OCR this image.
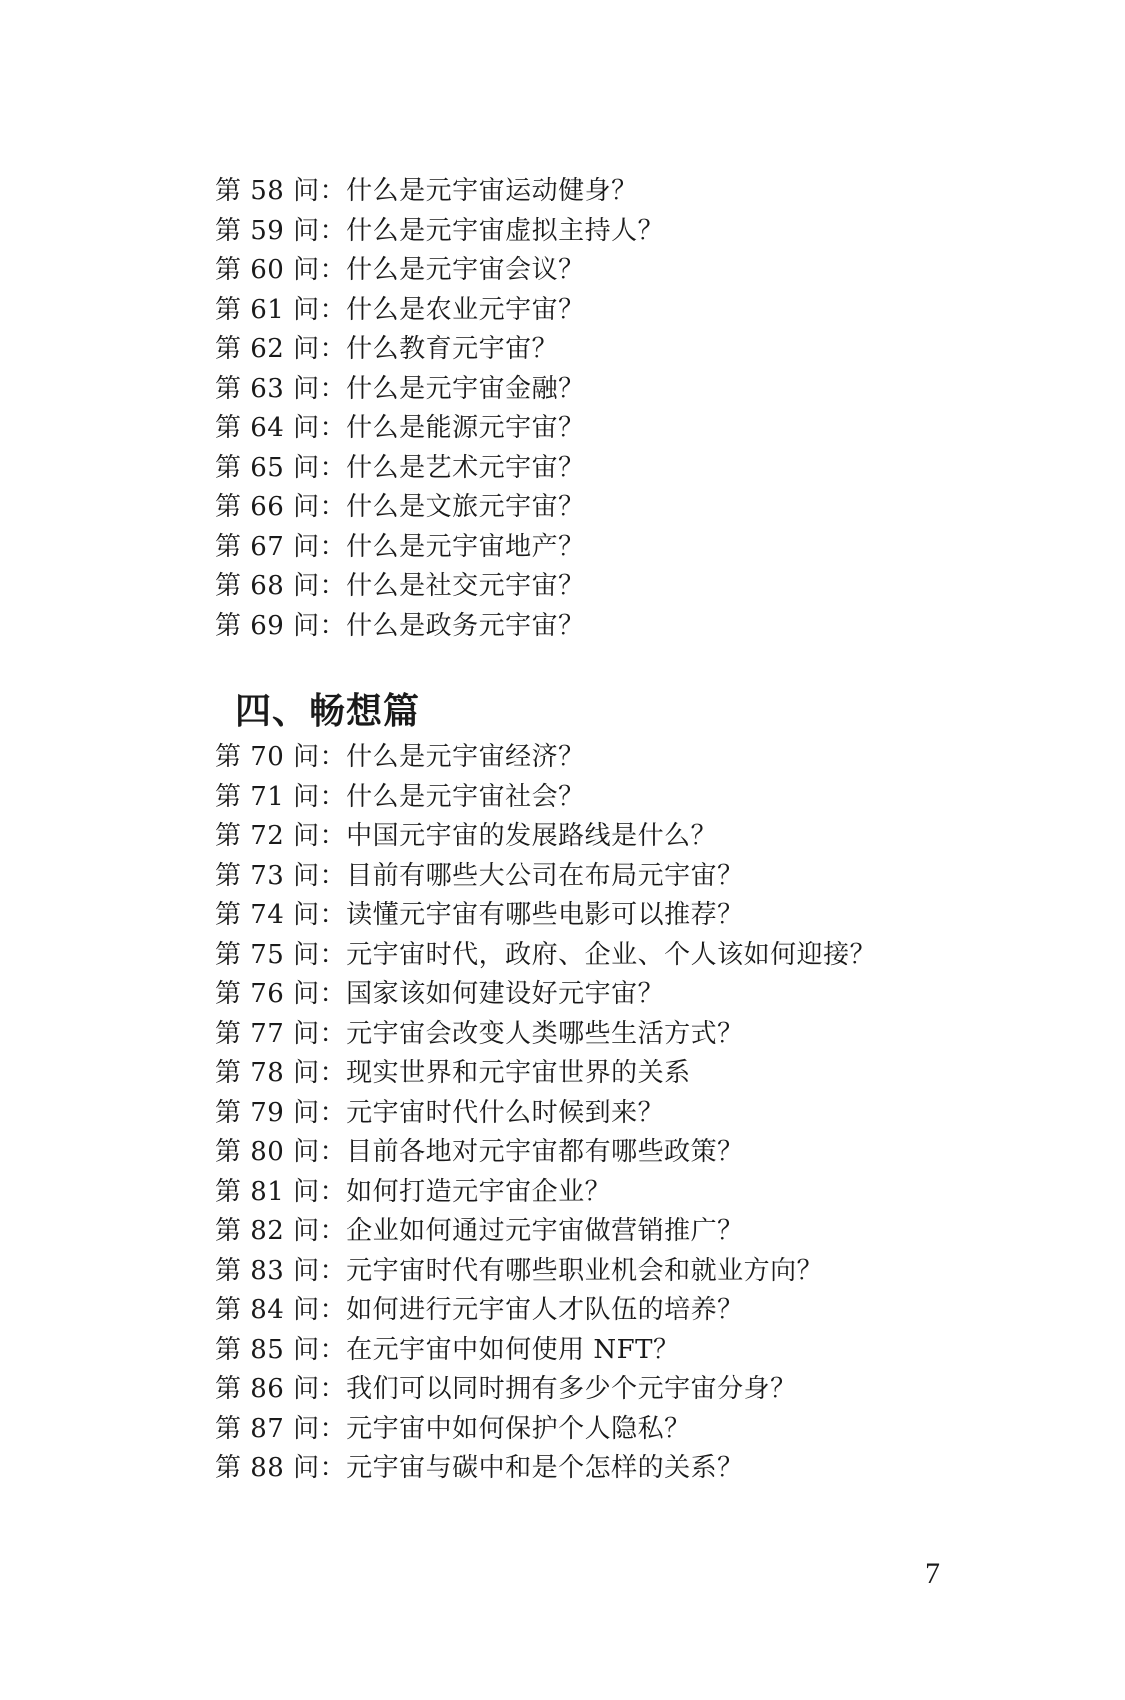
第 58 问：什么是元宇宙运动健身？
第 59 问：什么是元宇宙虚拟主持人？
第 60 问：什么是元宇宙会议？
第 61 问：什么是农业元宇宙？
第 62 问：什么教育元宇宙？
第 63 问：什么是元宇宙金融？
第 64 问：什么是能源元宇宙？
第 65 问：什么是艺术元宇宙？
第 66 问：什么是文旅元宇宙？
第 67 问：什么是元宇宙地产？
第 68 问：什么是社交元宇宙？
第 69 问：什么是政务元宇宙？
四、畅想篇
第 70 问：什么是元宇宙经济？
第 71 问：什么是元宇宙社会？
第 72 问：中国元宇宙的发展路线是什么？
第 73 问：目前有哪些大公司在布局元宇宙？
第 74 问：读懂元宇宙有哪些电影可以推荐？
第 75 问：元宇宙时代，政府、企业、个人该如何迎接？
第 76 问：国家该如何建设好元宇宙？
第 77 问：元宇宙会改变人类哪些生活方式？
第 78 问：现实世界和元宇宙世界的关系
第 79 问：元宇宙时代什么时候到来？
第 80 问：目前各地对元宇宙都有哪些政策？
第 81 问：如何打造元宇宙企业？
第 82 问：企业如何通过元宇宙做营销推广？
第 83 问：元宇宙时代有哪些职业机会和就业方向？
第 84 问：如何进行元宇宙人才队伍的培养？
第 85 问：在元宇宙中如何使用 NFT？
第 86 问：我们可以同时拥有多少个元宇宙分身？
第 87 问：元宇宙中如何保护个人隐私？
第 88 问：元宇宙与碳中和是个怎样的关系？
7
